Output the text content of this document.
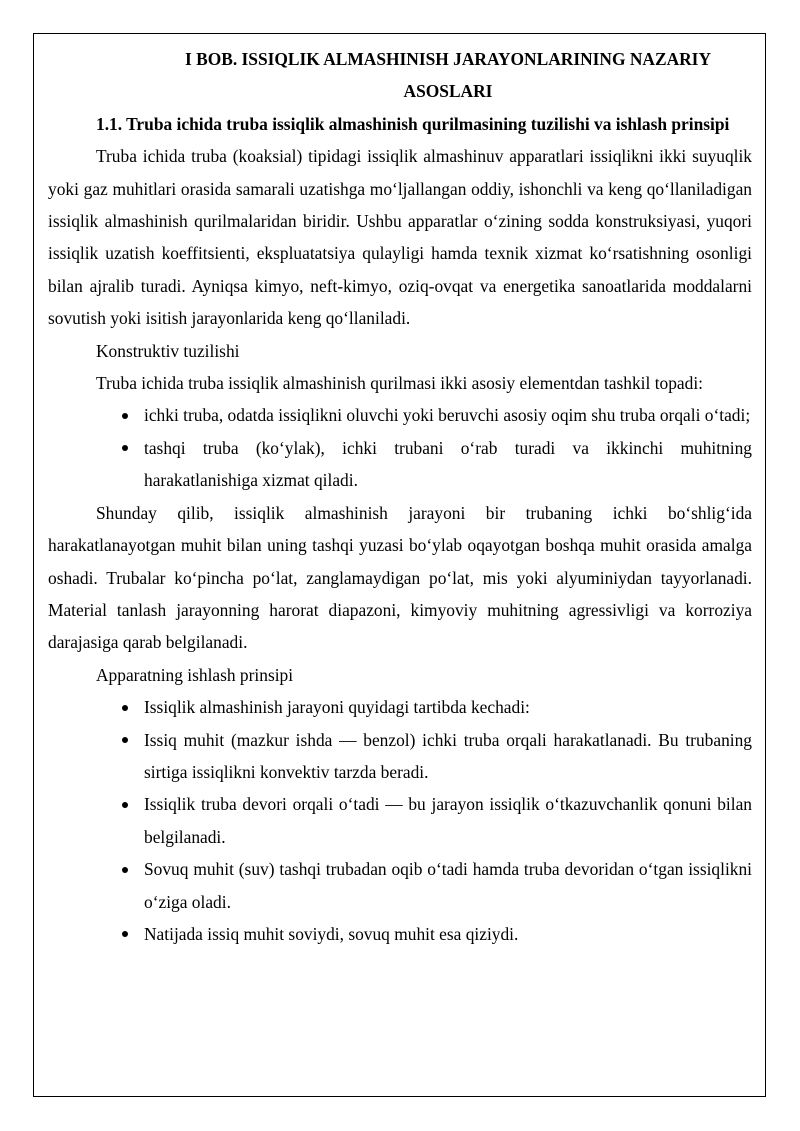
I BOB. ISSIQLIK ALMASHINISH JARAYONLARINING NAZARIY
ASOSLARI
1.1. Truba ichida truba issiqlik almashinish qurilmasining tuzilishi va ishlash prinsipi

Truba ichida truba (koaksial) tipidagi issiqlik almashinuv apparatlari issiqlikni ikki suyuqlik yoki gaz muhitlari orasida samarali uzatishga mo‘ljallangan oddiy, ishonchli va keng qo‘llaniladigan issiqlik almashinish qurilmalaridan biridir. Ushbu apparatlar o‘zining sodda konstruksiyasi, yuqori issiqlik uzatish koeffitsienti, ekspluatatsiya qulayligi hamda texnik xizmat ko‘rsatishning osonligi bilan ajralib turadi. Ayniqsa kimyo, neft-kimyo, oziq-ovqat va energetika sanoatlarida moddalarni sovutish yoki isitish jarayonlarida keng qo‘llaniladi.

Konstruktiv tuzilishi

Truba ichida truba issiqlik almashinish qurilmasi ikki asosiy elementdan tashkil topadi:

ichki truba, odatda issiqlikni oluvchi yoki beruvchi asosiy oqim shu truba orqali o‘tadi;
tashqi truba (ko‘ylak), ichki trubani o‘rab turadi va ikkinchi muhitning harakatlanishiga xizmat qiladi.

Shunday qilib, issiqlik almashinish jarayoni bir trubaning ichki bo‘shlig‘ida harakatlanayotgan muhit bilan uning tashqi yuzasi bo‘ylab oqayotgan boshqa muhit orasida amalga oshadi. Trubalar ko‘pincha po‘lat, zanglamaydigan po‘lat, mis yoki alyuminiydan tayyorlanadi. Material tanlash jarayonning harorat diapazoni, kimyoviy muhitning agressivligi va korroziya darajasiga qarab belgilanadi.

Apparatning ishlash prinsipi

Issiqlik almashinish jarayoni quyidagi tartibda kechadi:
Issiq muhit (mazkur ishda — benzol) ichki truba orqali harakatlanadi. Bu trubaning sirtiga issiqlikni konvektiv tarzda beradi.
Issiqlik truba devori orqali o‘tadi — bu jarayon issiqlik o‘tkazuvchanlik qonuni bilan belgilanadi.
Sovuq muhit (suv) tashqi trubadan oqib o‘tadi hamda truba devoridan o‘tgan issiqlikni o‘ziga oladi.
Natijada issiq muhit soviydi, sovuq muhit esa qiziydi.
